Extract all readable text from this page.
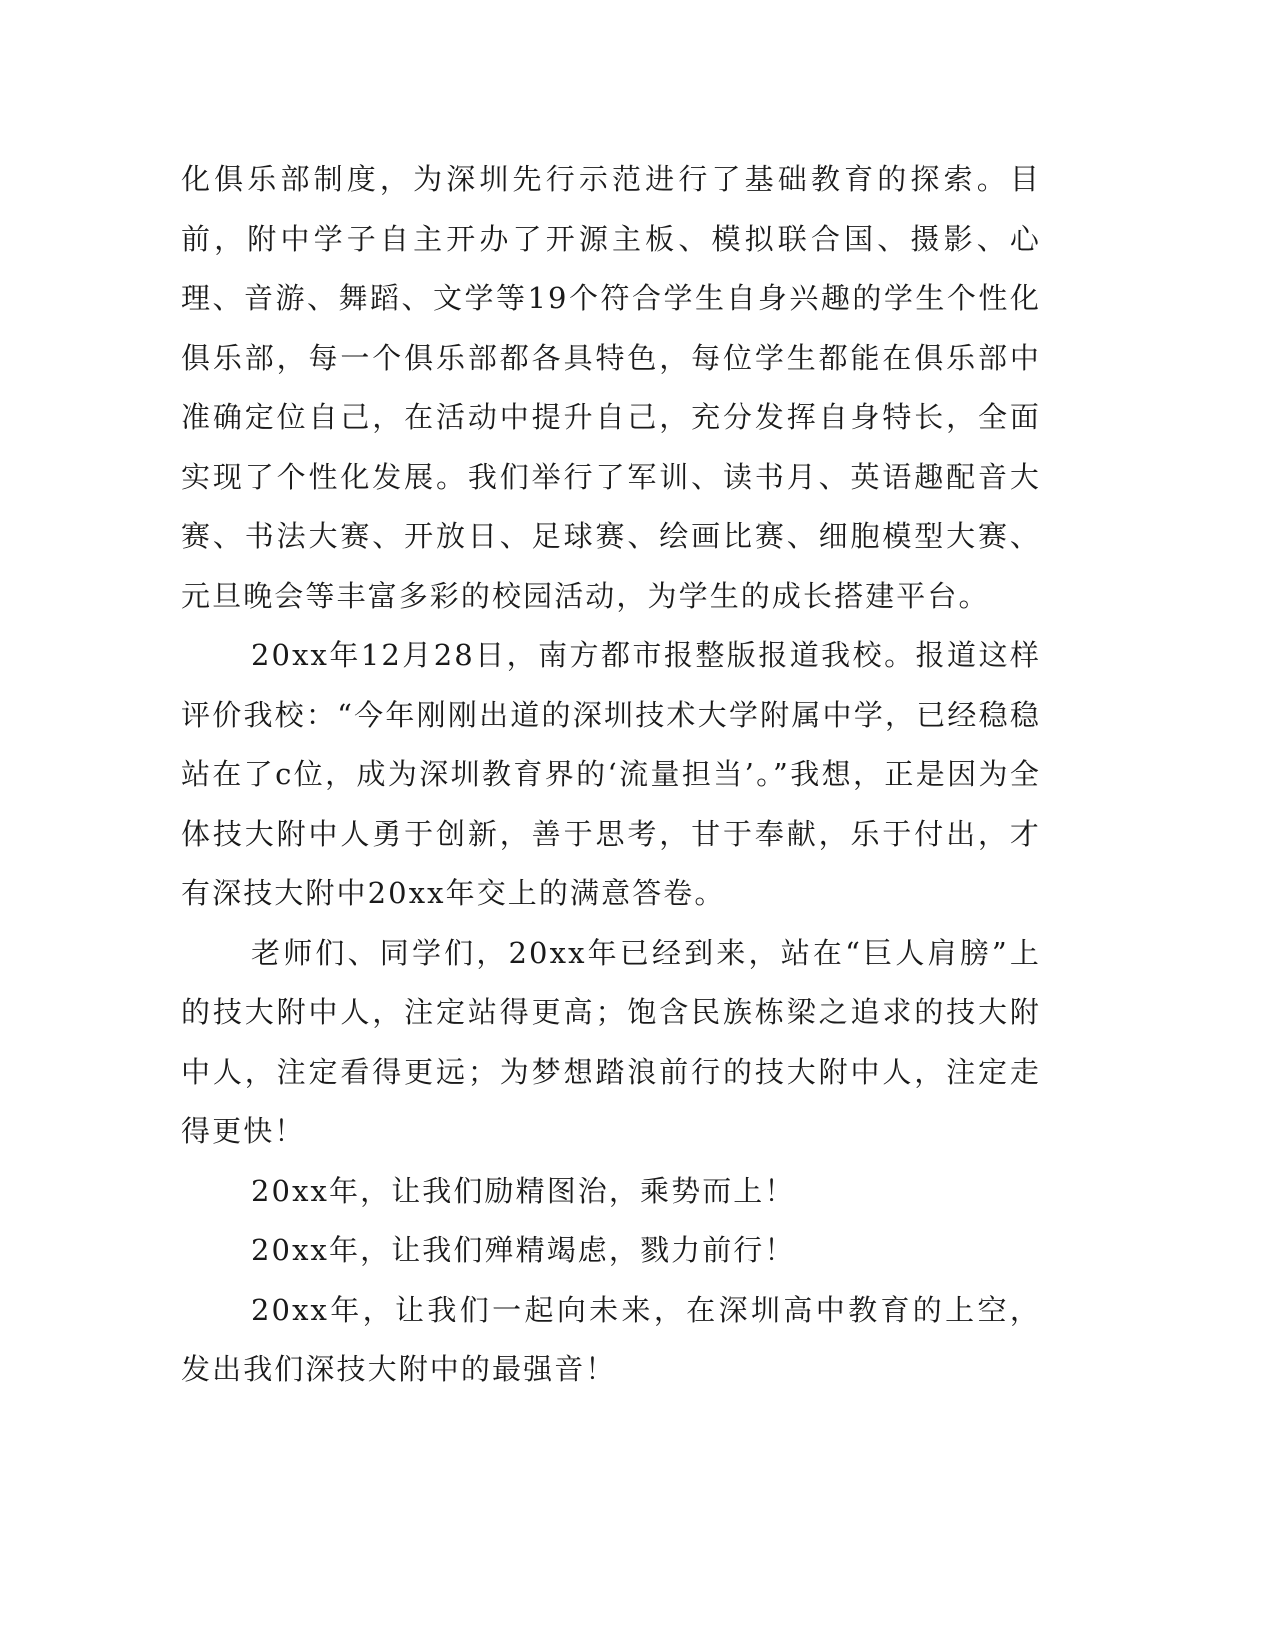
化俱乐部制度，为深圳先行示范进行了基础教育的探索。目前，附中学子自主开办了开源主板、模拟联合国、摄影、心理、音游、舞蹈、文学等19个符合学生自身兴趣的学生个性化俱乐部，每一个俱乐部都各具特色，每位学生都能在俱乐部中准确定位自己，在活动中提升自己，充分发挥自身特长，全面实现了个性化发展。我们举行了军训、读书月、英语趣配音大赛、书法大赛、开放日、足球赛、绘画比赛、细胞模型大赛、元旦晚会等丰富多彩的校园活动，为学生的成长搭建平台。

20xx年12月28日，南方都市报整版报道我校。报道这样评价我校：“今年刚刚出道的深圳技术大学附属中学，已经稳稳站在了c位，成为深圳教育界的‘流量担当’。”我想，正是因为全体技大附中人勇于创新，善于思考，甘于奉献，乐于付出，才有深技大附中20xx年交上的满意答卷。

老师们、同学们，20xx年已经到来，站在“巨人肩膀”上的技大附中人，注定站得更高；饱含民族栋梁之追求的技大附中人，注定看得更远；为梦想踏浪前行的技大附中人，注定走得更快！

20xx年，让我们励精图治，乘势而上！

20xx年，让我们殚精竭虑，戮力前行！

20xx年，让我们一起向未来，在深圳高中教育的上空，发出我们深技大附中的最强音！
